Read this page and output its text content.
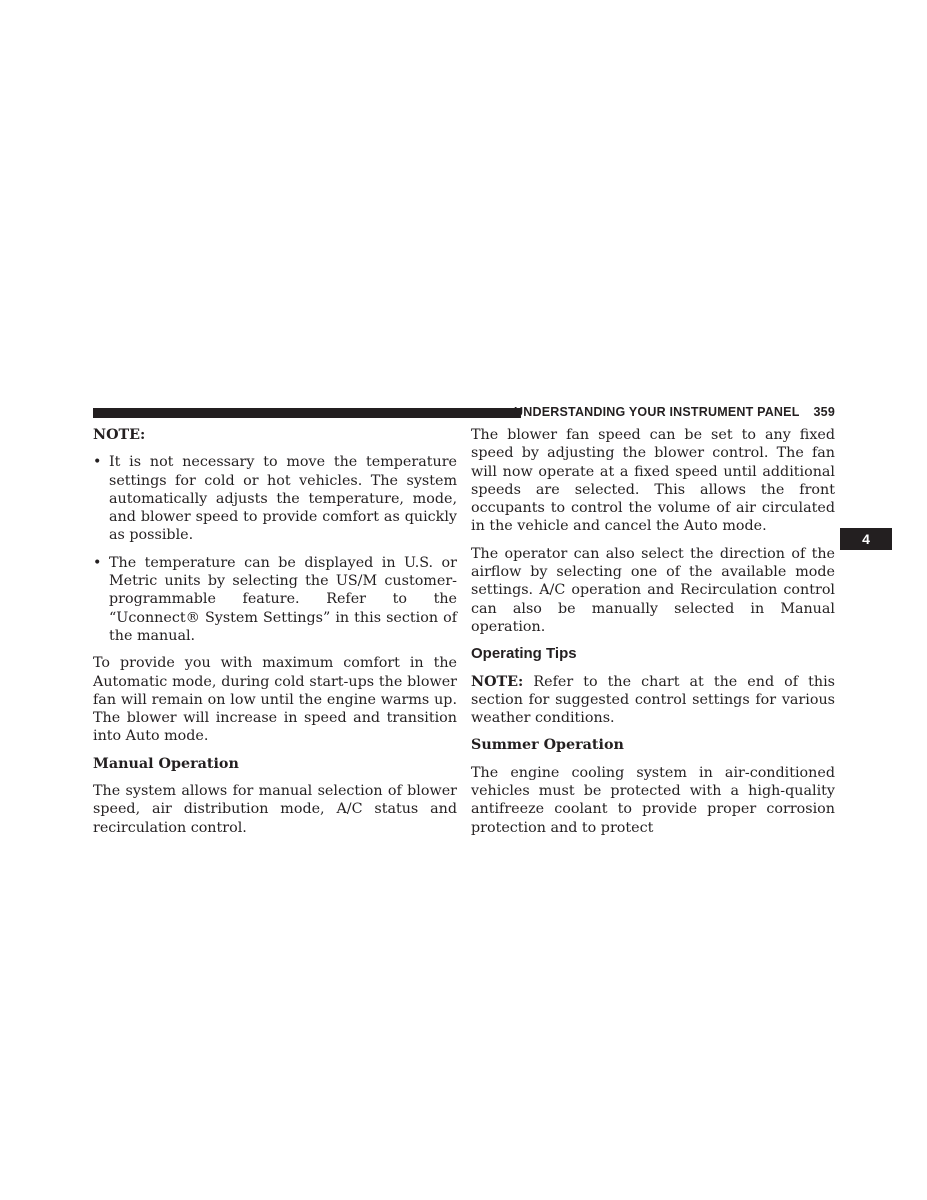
UNDERSTANDING YOUR INSTRUMENT PANEL 359
4
NOTE:
• It is not necessary to move the temperature settings for cold or hot vehicles. The system automatically adjusts the temperature, mode, and blower speed to provide comfort as quickly as possible.
• The temperature can be displayed in U.S. or Metric units by selecting the US/M customer-programmable feature. Refer to the “Uconnect® System Settings” in this section of the manual.

To provide you with maximum comfort in the Automatic mode, during cold start-ups the blower fan will remain on low until the engine warms up. The blower will increase in speed and transition into Auto mode.

Manual Operation

The system allows for manual selection of blower speed, air distribution mode, A/C status and recirculation control.

The blower fan speed can be set to any fixed speed by adjusting the blower control. The fan will now operate at a fixed speed until additional speeds are selected. This allows the front occupants to control the volume of air circulated in the vehicle and cancel the Auto mode.

The operator can also select the direction of the airflow by selecting one of the available mode settings. A/C operation and Recirculation control can also be manually selected in Manual operation.

Operating Tips

NOTE: Refer to the chart at the end of this section for suggested control settings for various weather conditions.

Summer Operation

The engine cooling system in air-conditioned vehicles must be protected with a high-quality antifreeze coolant to provide proper corrosion protection and to protect
